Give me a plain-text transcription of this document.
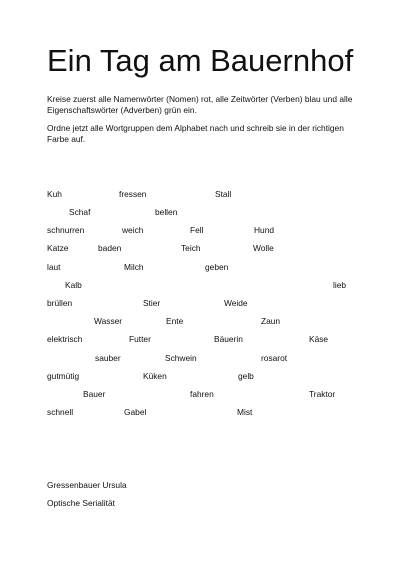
Ein Tag am Bauernhof

Kreise zuerst alle Namenwörter (Nomen) rot, alle Zeitwörter (Verben) blau und alle Eigenschaftswörter (Adverben) grün ein.

Ordne jetzt alle Wortgruppen dem Alphabet nach und schreib sie in der richtigen Farbe auf.

Kuh	fressen	Stall
Schaf	bellen
schnurren	weich	Fell	Hund
Katze	baden	Teich	Wolle
laut	Milch	geben
Kalb	lieb
brüllen	Stier	Weide
Wasser	Ente	Zaun
elektrisch	Futter	Bäuerin	Käse
sauber	Schwein	rosarot
gutmütig	Küken	gelb
Bauer	fahren	Traktor
schnell	Gabel	Mist
Gressenbauer Ursula
Optische Serialität
